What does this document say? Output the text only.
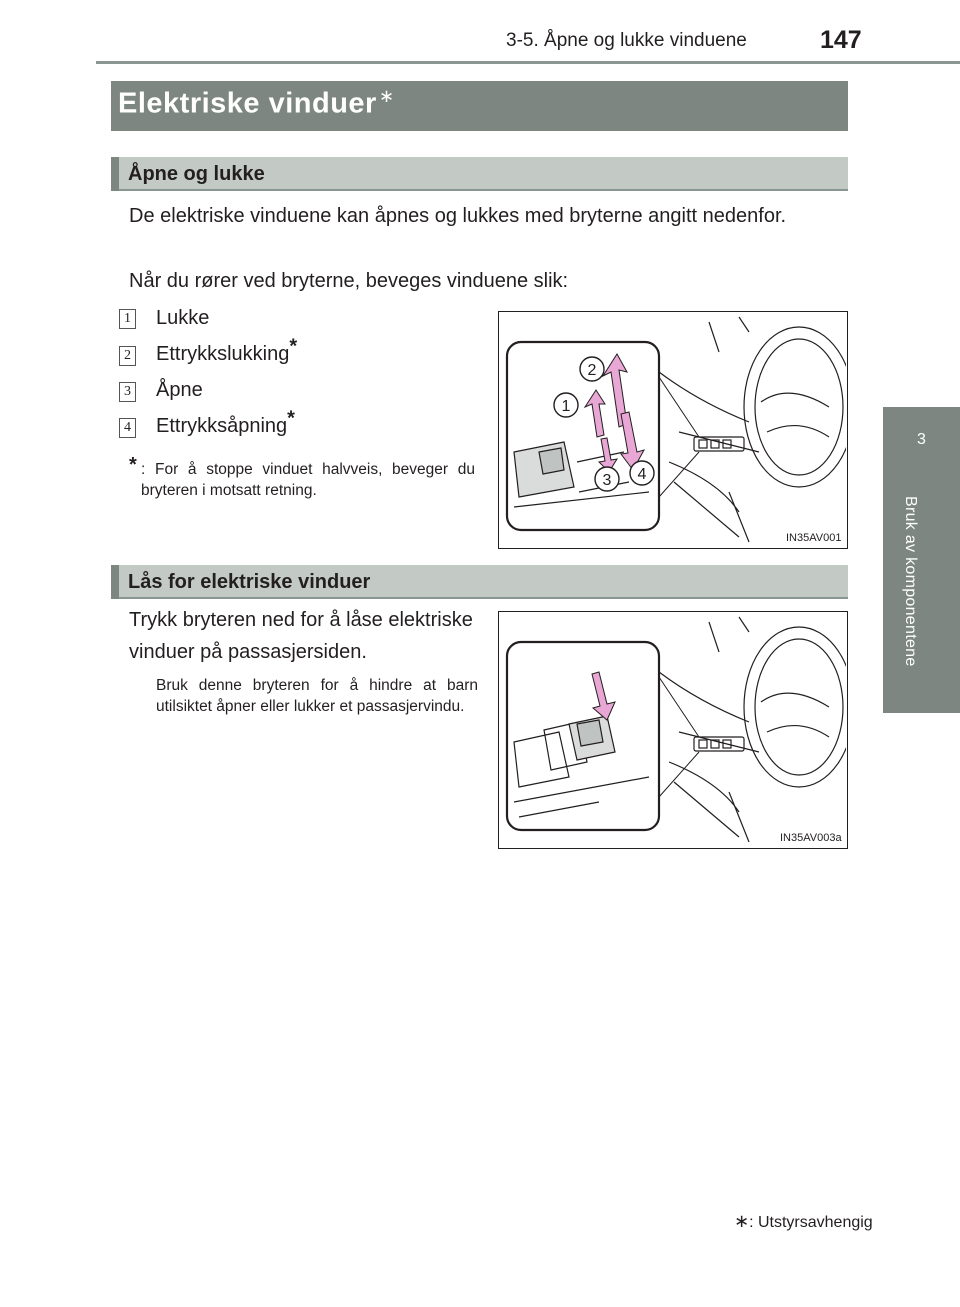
3-5. Åpne og lukke vinduene	147
3
Bruk av komponentene
Elektriske vinduer ∗
Åpne og lukke
De elektriske vinduene kan åpnes og lukkes med bryterne angitt nedenfor.
Når du rører ved bryterne, beveges vinduene slik:
1 Lukke
2 Ettrykkslukking*
3 Åpne
4 Ettrykksåpning*
* : For å stoppe vinduet halvveis, beveger du bryteren i motsatt retning.
2
1
3 4
IN35AV001
Lås for elektriske vinduer
Trykk bryteren ned for å låse elektriske vinduer på passasjersiden.
Bruk denne bryteren for å hindre at barn utilsiktet åpner eller lukker et passasjervindu.
IN35AV003a
∗: Utstyrsavhengig
